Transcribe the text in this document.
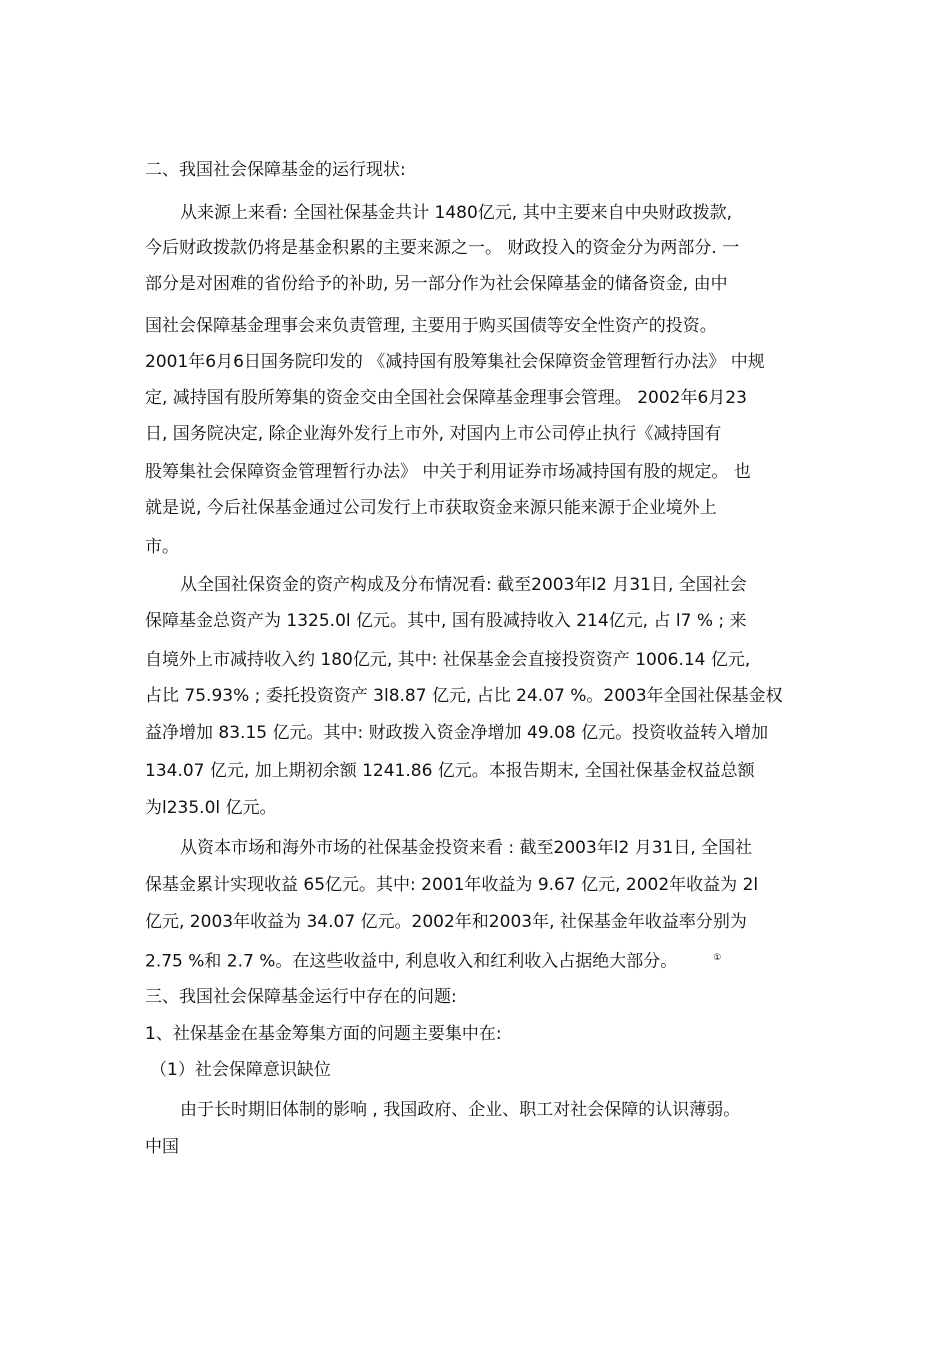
二、我国社会保障基金的运行现状:
从来源上来看: 全国社保基金共计 1480亿元, 其中主要来自中央财政拨款,
今后财政拨款仍将是基金积累的主要来源之一。 财政投入的资金分为两部分. 一
部分是对困难的省份给予的补助, 另一部分作为社会保障基金的储备资金, 由中
国社会保障基金理事会来负责管理, 主要用于购买国债等安全性资产的投资。
2001年6月6日国务院印发的 《减持国有股筹集社会保障资金管理暂行办法》 中规
定, 减持国有股所筹集的资金交由全国社会保障基金理事会管理。 2002年6月23
日, 国务院决定, 除企业海外发行上市外, 对国内上市公司停止执行《减持国有
股筹集社会保障资金管理暂行办法》 中关于利用证券市场减持国有股的规定。 也
就是说, 今后社保基金通过公司发行上市获取资金来源只能来源于企业境外上
市。
从全国社保资金的资产构成及分布情况看: 截至2003年l2 月31日, 全国社会
保障基金总资产为 1325.0l 亿元。其中, 国有股减持收入 214亿元, 占 l7 % ; 来
自境外上市减持收入约 180亿元, 其中: 社保基金会直接投资资产 1006.14 亿元,
占比 75.93% ; 委托投资资产 3l8.87 亿元, 占比 24.07 %。2003年全国社保基金权
益净增加 83.15 亿元。其中: 财政拨入资金净增加 49.08 亿元。投资收益转入增加
134.07 亿元, 加上期初余额 1241.86 亿元。本报告期末, 全国社保基金权益总额
为l235.0l 亿元。
从资本市场和海外市场的社保基金投资来看 : 截至2003年l2 月31日, 全国社
保基金累计实现收益 65亿元。其中: 2001年收益为 9.67 亿元, 2002年收益为 2l
亿元, 2003年收益为 34.07 亿元。2002年和2003年, 社保基金年收益率分别为
2.75 %和 2.7 %。在这些收益中, 利息收入和红利收入占据绝大部分。	①
三、我国社会保障基金运行中存在的问题:
1、社保基金在基金筹集方面的问题主要集中在:
（1）社会保障意识缺位
由于长时期旧体制的影响 , 我国政府、企业、职工对社会保障的认识薄弱。
中国
